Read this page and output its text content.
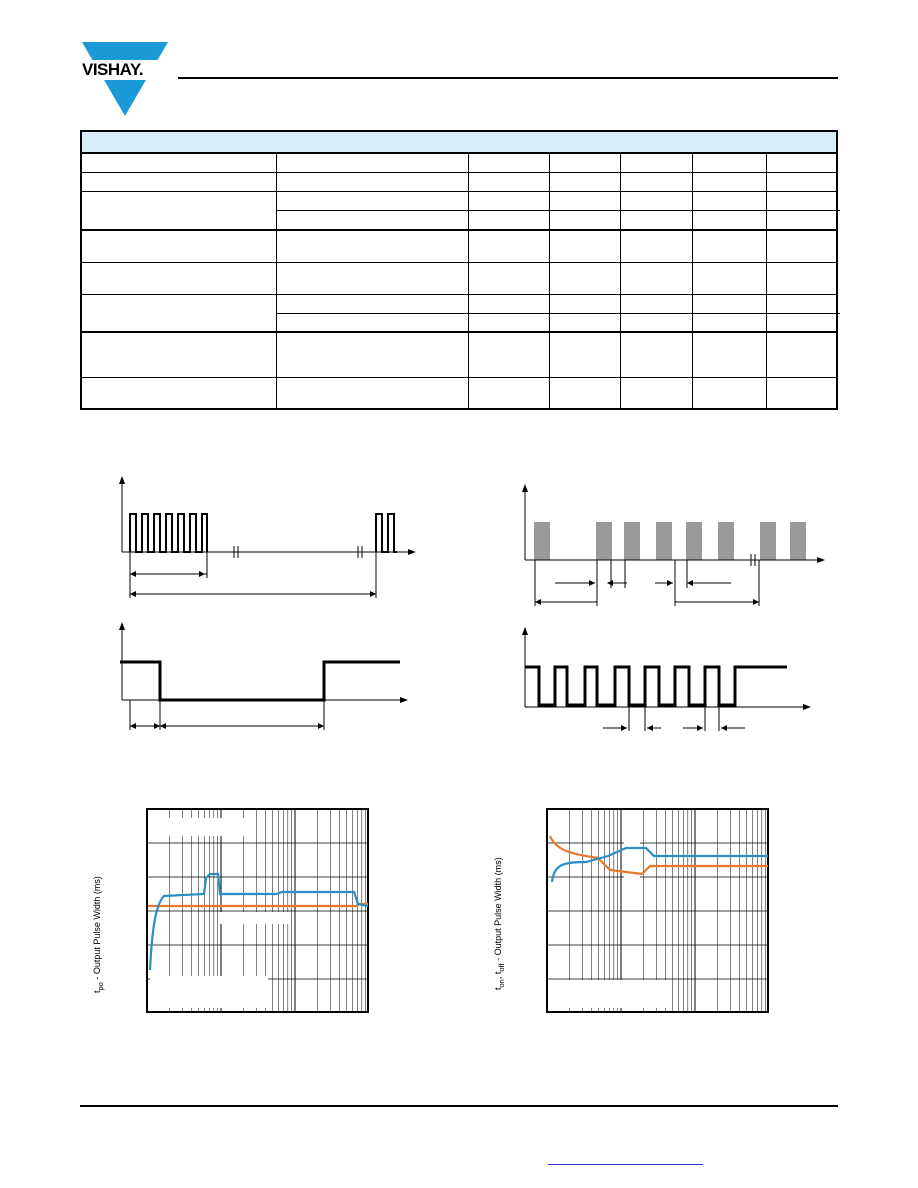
VISHAY.
$t_{po}$ - Output Pulse Width (ms)
$t_{on}$, $t_{off}$ - Output Pulse Width (ms)
